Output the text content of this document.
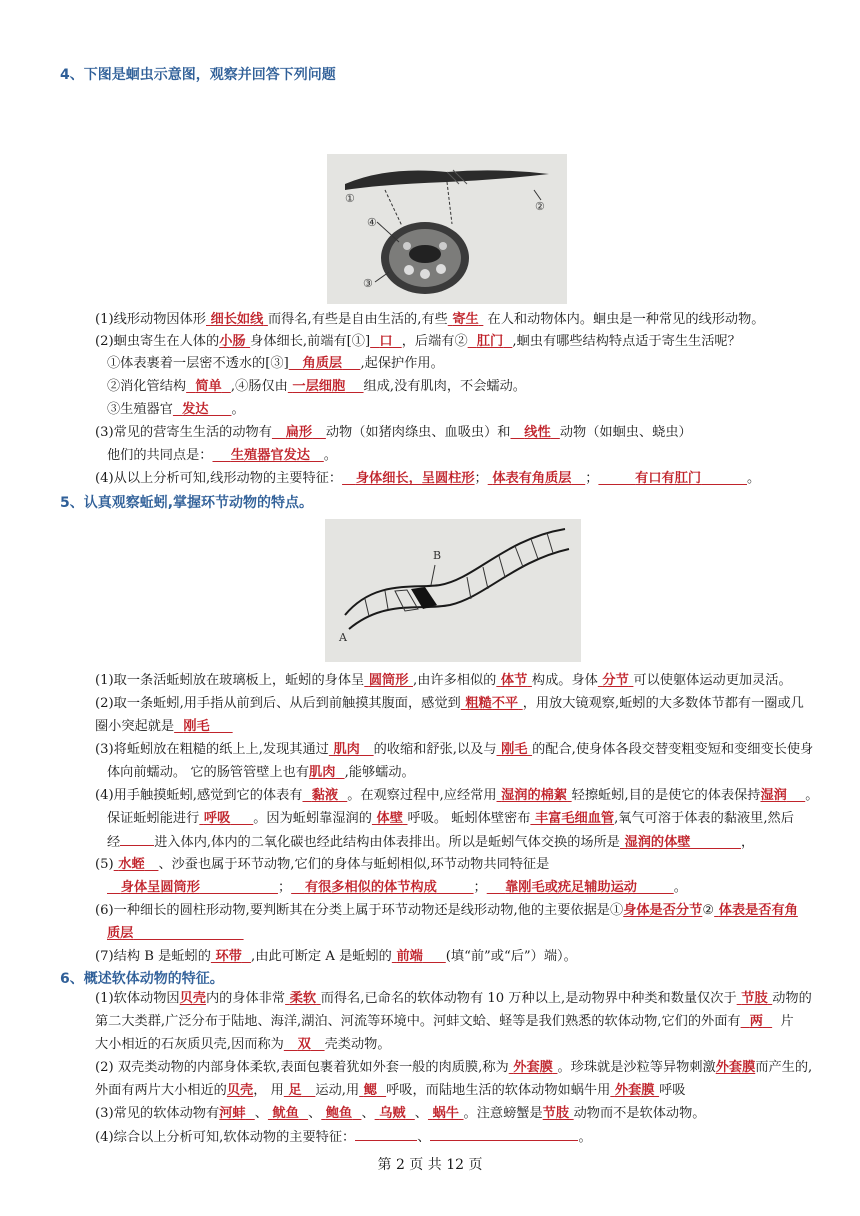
4、下图是蛔虫示意图，观察并回答下列问题
①
②
③
④
(1)线形动物因体形 细长如线 而得名,有些是自由生活的,有些 寄生 在人和动物体内。蛔虫是一种常见的线形动物。
(2)蛔虫寄生在人体的小肠 身体细长,前端有[①] 口 ，后端有② 肛门 ,蛔虫有哪些结构特点适于寄生生活呢？
①体表裹着一层密不透水的[③] 角质层 ,起保护作用。
②消化管结构 简单 ,④肠仅由 一层细胞 组成,没有肌肉，不会蠕动。
③生殖器官 发达 。
(3)常见的营寄生生活的动物有 扁形 动物（如猪肉绦虫、血吸虫）和 线性 动物（如蛔虫、蛲虫）
他们的共同点是： 生殖器官发达 。
(4)从以上分析可知,线形动物的主要特征： 身体细长，呈圆柱形； 体表有角质层 ；	有口有肛门	。
5、认真观察蚯蚓,掌握环节动物的特点。
B
A
(1)取一条活蚯蚓放在玻璃板上，蚯蚓的身体呈 圆筒形 ,由许多相似的 体节 构成。身体 分节 可以使躯体运动更加灵活。
(2)取一条蚯蚓,用手指从前到后、从后到前触摸其腹面，感觉到 粗糙不平 ，用放大镜观察,蚯蚓的大多数体节都有一圈或几
圈小突起就是 刚毛
(3)将蚯蚓放在粗糙的纸上上,发现其通过 肌肉 的收缩和舒张,以及与 刚毛 的配合,使身体各段交替变粗变短和变细变长使身
体向前蠕动。 它的肠管管壁上也有肌肉 ,能够蠕动。
(4)用手触摸蚯蚓,感觉到它的体表有 黏液 。在观察过程中,应经常用 湿润的棉絮 轻擦蚯蚓,目的是使它的体表保持湿润 。
保证蚯蚓能进行 呼吸 。因为蚯蚓靠湿润的 体壁 呼吸。 蚯蚓体壁密布 丰富毛细血管,氧气可溶于体表的黏液里,然后
经	进入体内,体内的二氧化碳也经此结构由体表排出。所以是蚯蚓气体交换的场所是 湿润的体壁	，
(5) 水蛭 、沙蚕也属于环节动物,它们的身体与蚯蚓相似,环节动物共同特征是
身体呈圆筒形	； 有很多相似的体节构成	； 靠刚毛或疣足辅助运动	。
(6)一种细长的圆柱形动物,要判断其在分类上属于环节动物还是线形动物,他的主要依据是①身体是否分节② 体表是否有角
质层
(7)结构 B 是蚯蚓的 环带 ,由此可断定 A 是蚯蚓的 前端 (填“前”或“后”）端）。
6、概述软体动物的特征。
(1)软体动物因贝壳内的身体非常 柔软 而得名,已命名的软体动物有 10 万种以上,是动物界中种类和数量仅次于 节肢 动物的
第二大类群,广泛分布于陆地、海洋,湖泊、河流等环境中。河蚌文蛤、蛏等是我们熟悉的软体动物,它们的外面有 两 片
大小相近的石灰质贝壳,因而称为 双 壳类动物。
(2) 双壳类动物的内部身体柔软,表面包裹着犹如外套一般的肉质膜,称为 外套膜 。珍珠就是沙粒等异物刺激外套膜而产生的,
外面有两片大小相近的贝壳， 用 足 运动,用 鳃 呼吸，而陆地生活的软体动物如蜗牛用 外套膜 呼吸
(3)常见的软体动物有河蚌 、 鱿鱼 、 鲍鱼 、 乌贼 、 蜗牛 。注意螃蟹是节肢 动物而不是软体动物。
(4)综合以上分析可知,软体动物的主要特征：	、	。
第 2 页 共 12 页
